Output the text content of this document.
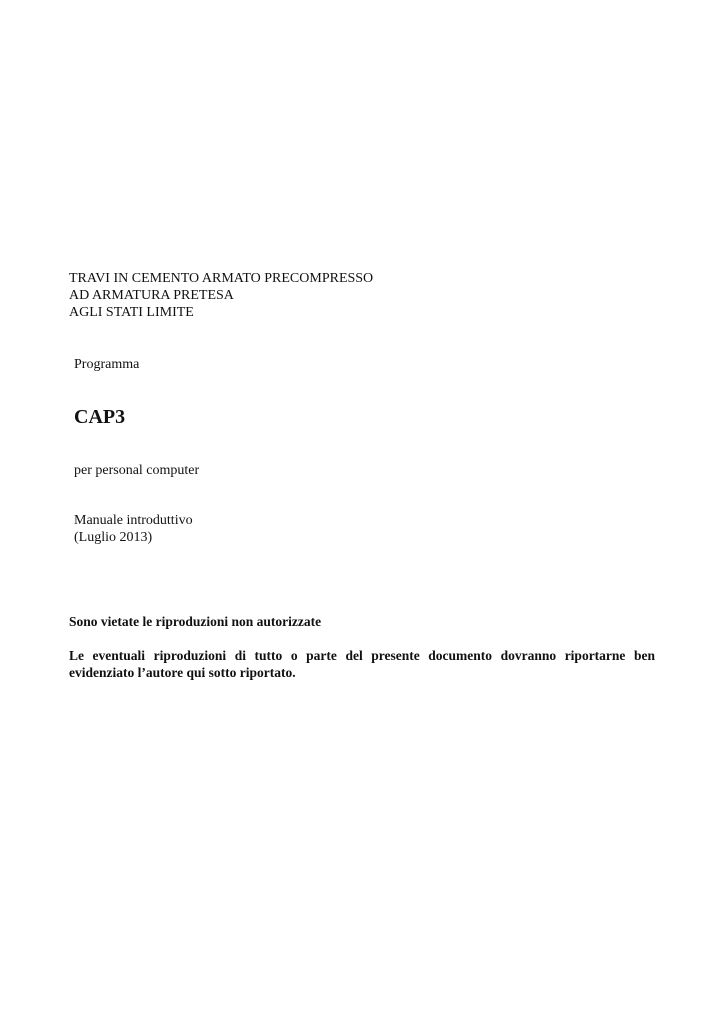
TRAVI IN CEMENTO ARMATO PRECOMPRESSO
AD ARMATURA PRETESA
AGLI STATI LIMITE
Programma
CAP3
per personal computer
Manuale introduttivo
(Luglio 2013)
Sono vietate le riproduzioni non autorizzate
Le eventuali riproduzioni di tutto o parte del presente documento dovranno riportarne ben evidenziato l’autore qui sotto riportato.
